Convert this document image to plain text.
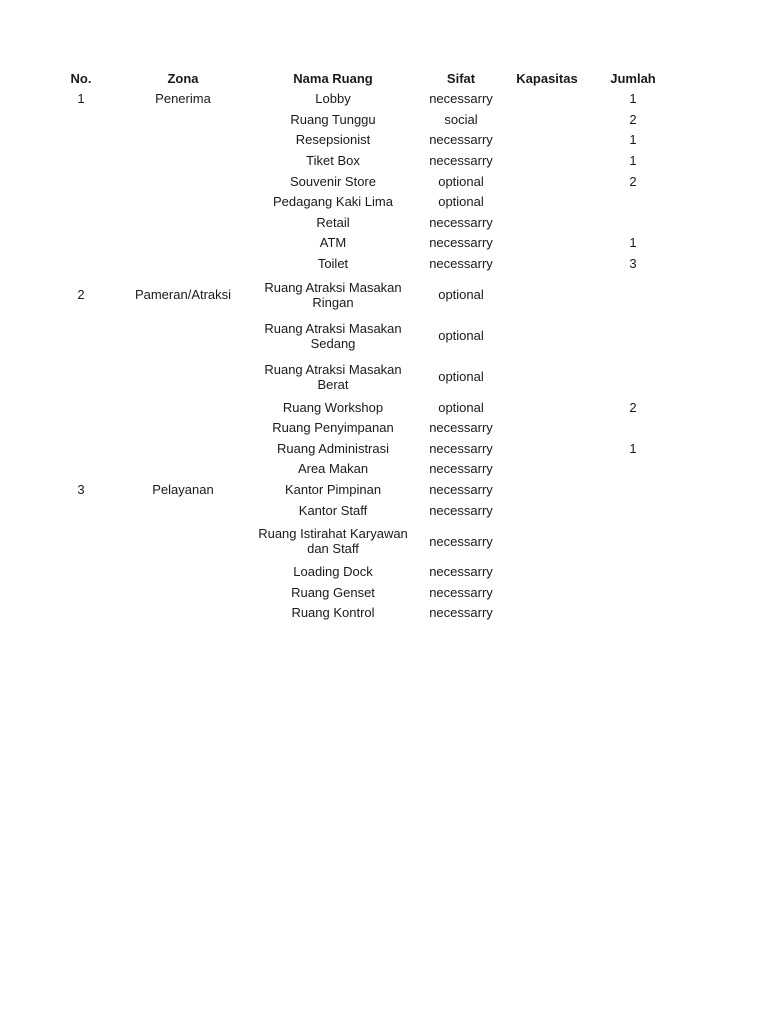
No.	Zona	Nama Ruang	Sifat	Kapasitas	Jumlah
1	Penerima	Lobby	necessarry		1
		Ruang Tunggu	social		2
		Resepsionist	necessarry		1
		Tiket Box	necessarry		1
		Souvenir Store	optional		2
		Pedagang Kaki Lima	optional		
		Retail	necessarry		
		ATM	necessarry		1
		Toilet	necessarry		3
2	Pameran/Atraksi	Ruang Atraksi Masakan Ringan	optional		
		Ruang Atraksi Masakan Sedang	optional		
		Ruang Atraksi Masakan Berat	optional		
		Ruang Workshop	optional		2
		Ruang Penyimpanan	necessarry		
		Ruang Administrasi	necessarry		1
		Area Makan	necessarry		
3	Pelayanan	Kantor Pimpinan	necessarry		
		Kantor Staff	necessarry		
		Ruang Istirahat Karyawan dan Staff	necessarry		
		Loading Dock	necessarry		
		Ruang Genset	necessarry		
		Ruang Kontrol	necessarry		
